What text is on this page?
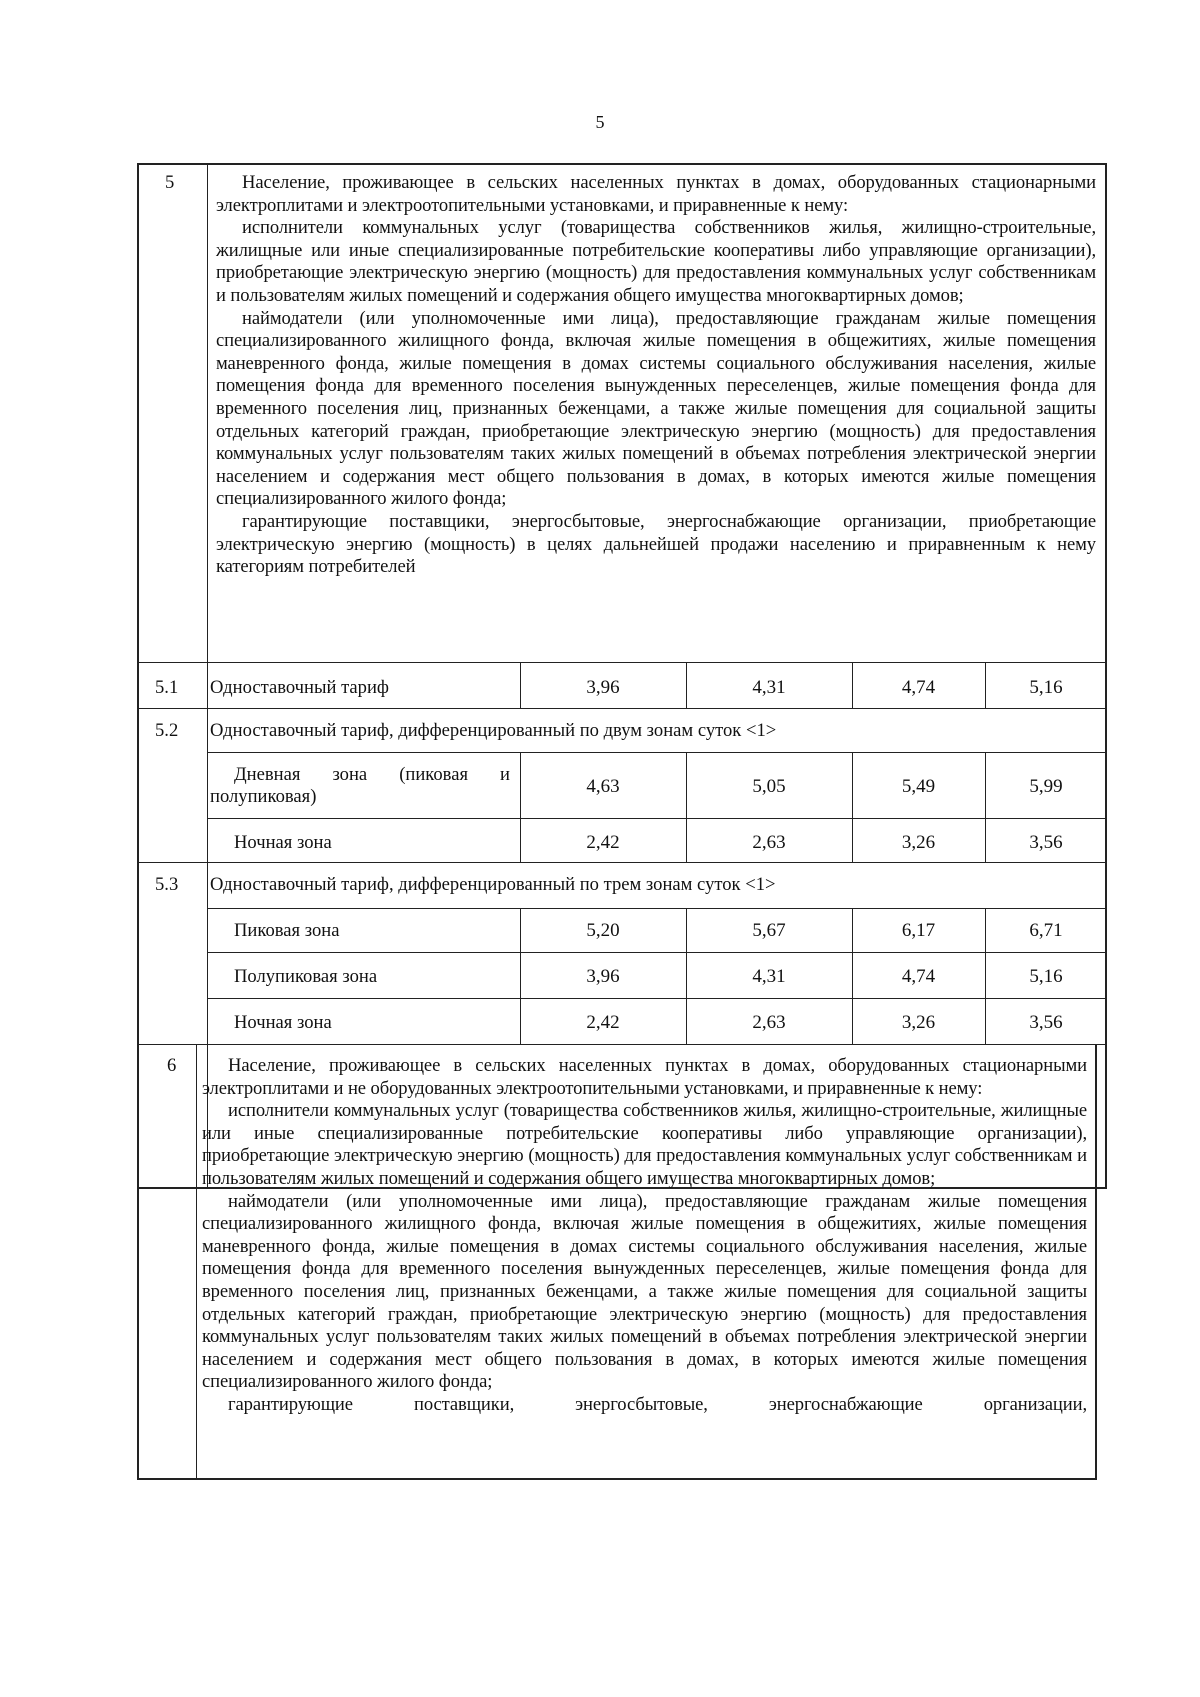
5
5	Население, проживающее в сельских населенных пунктах в домах, оборудованных стационарными электроплитами и электроотопительными установками, и приравненные к нему:

исполнители коммунальных услуг (товарищества собственников жилья, жилищно-строительные, жилищные или иные специализированные потребительские кооперативы либо управляющие организации), приобретающие электрическую энергию (мощность) для предоставления коммунальных услуг собственникам и пользователям жилых помещений и содержания общего имущества многоквартирных домов;

наймодатели (или уполномоченные ими лица), предоставляющие гражданам жилые помещения специализированного жилищного фонда, включая жилые помещения в общежитиях, жилые помещения маневренного фонда, жилые помещения в домах системы социального обслуживания населения, жилые помещения фонда для временного поселения вынужденных переселенцев, жилые помещения фонда для временного поселения лиц, признанных беженцами, а также жилые помещения для социальной защиты отдельных категорий граждан, приобретающие электрическую энергию (мощность) для предоставления коммунальных услуг пользователям таких жилых помещений в объемах потребления электрической энергии населением и содержания мест общего пользования в домах, в которых имеются жилые помещения специализированного жилого фонда;

гарантирующие поставщики, энергосбытовые, энергоснабжающие организации, приобретающие электрическую энергию (мощность) в целях дальнейшей продажи населению и приравненным к нему категориям потребителей

5.1 Одноставочный тариф	3,96	4,31	4,74	5,16
5.2 Одноставочный тариф, дифференцированный по двум зонам суток <1>
Дневная зона (пиковая и полупиковая)	4,63	5,05	5,49	5,99
Ночная зона	2,42	2,63	3,26	3,56
5.3 Одноставочный тариф, дифференцированный по трем зонам суток <1>
Пиковая зона	5,20	5,67	6,17	6,71
Полупиковая зона	3,96	4,31	4,74	5,16
Ночная зона	2,42	2,63	3,26	3,56
6	Население, проживающее в сельских населенных пунктах в домах, оборудованных стационарными электроплитами и не оборудованных электроотопительными установками, и приравненные к нему:

исполнители коммунальных услуг (товарищества собственников жилья, жилищно-строительные, жилищные или иные специализированные потребительские кооперативы либо управляющие организации), приобретающие электрическую энергию (мощность) для предоставления коммунальных услуг собственникам и пользователям жилых помещений и содержания общего имущества многоквартирных домов;

наймодатели (или уполномоченные ими лица), предоставляющие гражданам жилые помещения специализированного жилищного фонда, включая жилые помещения в общежитиях, жилые помещения маневренного фонда, жилые помещения в домах системы социального обслуживания населения, жилые помещения фонда для временного поселения вынужденных переселенцев, жилые помещения фонда для временного поселения лиц, признанных беженцами, а также жилые помещения для социальной защиты отдельных категорий граждан, приобретающие электрическую энергию (мощность) для предоставления коммунальных услуг пользователям таких жилых помещений в объемах потребления электрической энергии населением и содержания мест общего пользования в домах, в которых имеются жилые помещения специализированного жилого фонда;

гарантирующие поставщики, энергосбытовые, энергоснабжающие организации,
